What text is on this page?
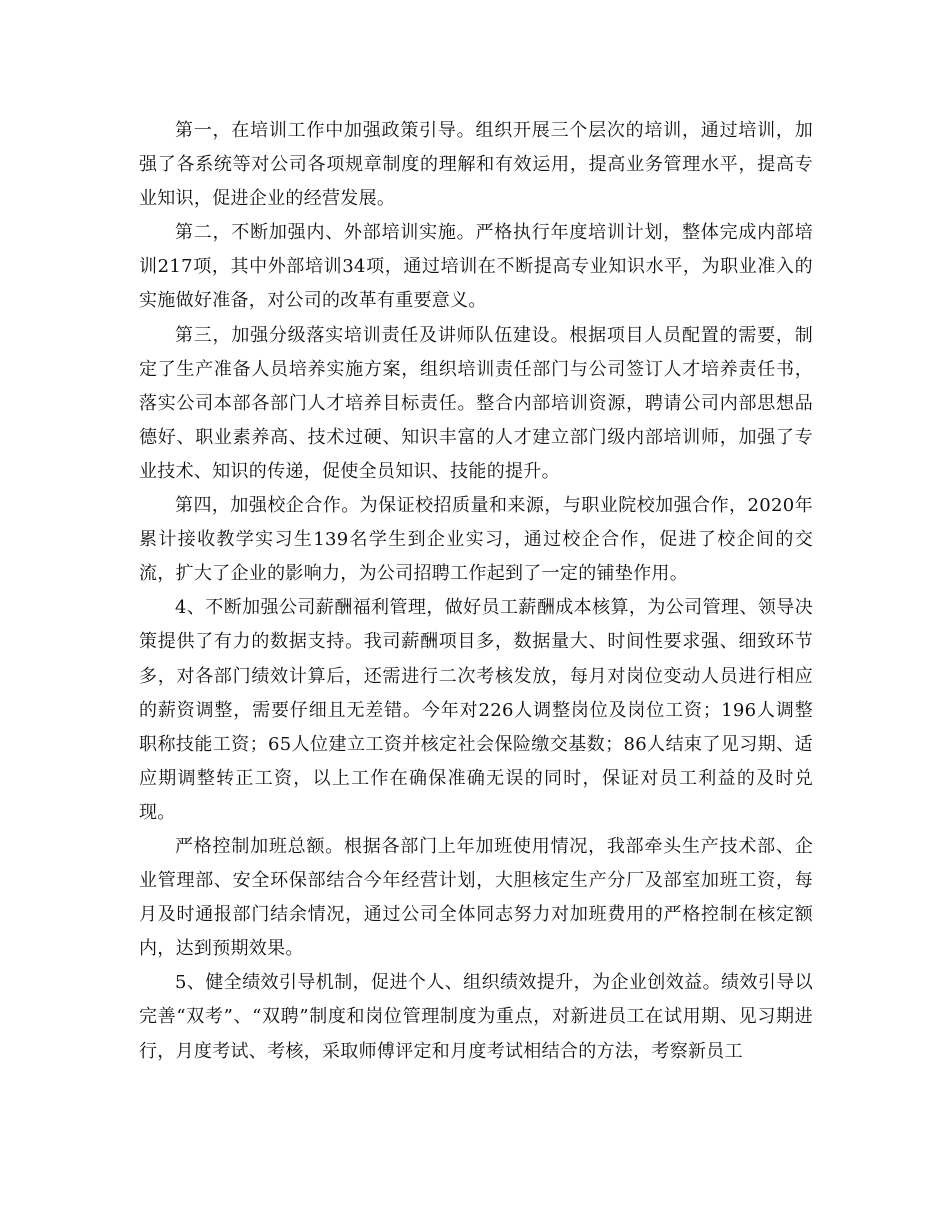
第一，在培训工作中加强政策引导。组织开展三个层次的培训，通过培训，加强了各系统等对公司各项规章制度的理解和有效运用，提高业务管理水平，提高专业知识，促进企业的经营发展。

第二，不断加强内、外部培训实施。严格执行年度培训计划，整体完成内部培训217项，其中外部培训34项，通过培训在不断提高专业知识水平，为职业准入的实施做好准备，对公司的改革有重要意义。

第三，加强分级落实培训责任及讲师队伍建设。根据项目人员配置的需要，制定了生产准备人员培养实施方案，组织培训责任部门与公司签订人才培养责任书，落实公司本部各部门人才培养目标责任。整合内部培训资源，聘请公司内部思想品德好、职业素养高、技术过硬、知识丰富的人才建立部门级内部培训师，加强了专业技术、知识的传递，促使全员知识、技能的提升。

第四，加强校企合作。为保证校招质量和来源，与职业院校加强合作，2020年累计接收教学实习生139名学生到企业实习，通过校企合作，促进了校企间的交流，扩大了企业的影响力，为公司招聘工作起到了一定的铺垫作用。

4、不断加强公司薪酬福利管理，做好员工薪酬成本核算，为公司管理、领导决策提供了有力的数据支持。我司薪酬项目多，数据量大、时间性要求强、细致环节多，对各部门绩效计算后，还需进行二次考核发放，每月对岗位变动人员进行相应的薪资调整，需要仔细且无差错。今年对226人调整岗位及岗位工资；196人调整职称技能工资；65人位建立工资并核定社会保险缴交基数；86人结束了见习期、适应期调整转正工资，以上工作在确保准确无误的同时，保证对员工利益的及时兑现。

严格控制加班总额。根据各部门上年加班使用情况，我部牵头生产技术部、企业管理部、安全环保部结合今年经营计划，大胆核定生产分厂及部室加班工资，每月及时通报部门结余情况，通过公司全体同志努力对加班费用的严格控制在核定额内，达到预期效果。

5、健全绩效引导机制，促进个人、组织绩效提升，为企业创效益。绩效引导以完善“双考”、“双聘”制度和岗位管理制度为重点，对新进员工在试用期、见习期进行，月度考试、考核，采取师傅评定和月度考试相结合的方法，考察新员工
